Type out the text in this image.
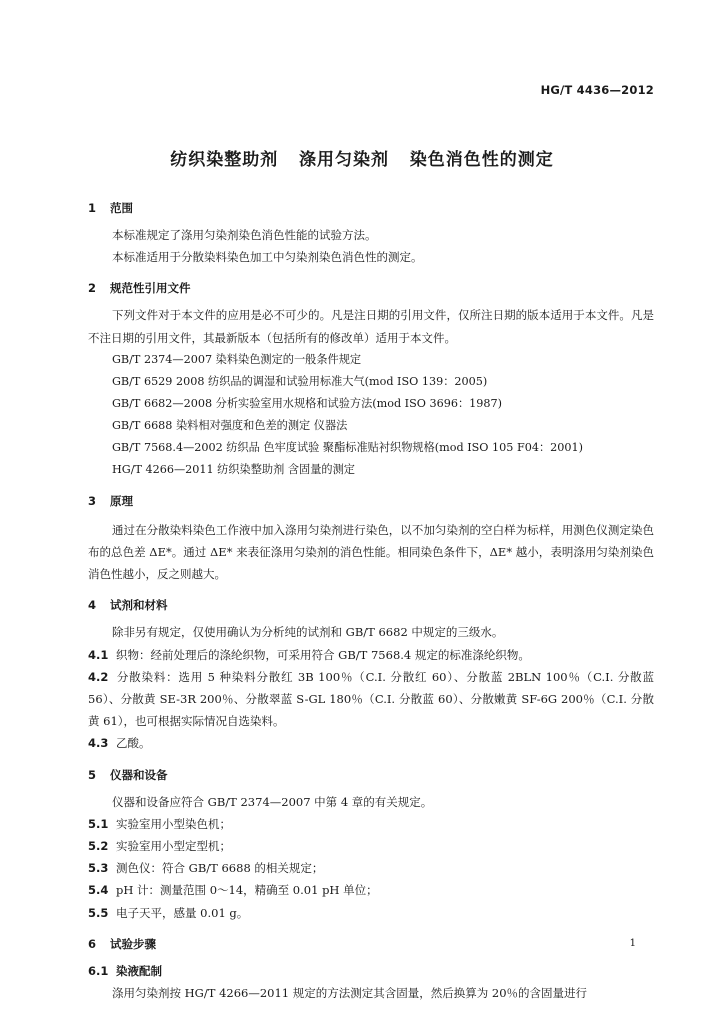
HG/T 4436—2012
纺织染整助剂   涤用匀染剂   染色消色性的测定
1 范围
本标准规定了涤用匀染剂染色消色性能的试验方法。
本标准适用于分散染料染色加工中匀染剂染色消色性的测定。
2 规范性引用文件
下列文件对于本文件的应用是必不可少的。凡是注日期的引用文件，仅所注日期的版本适用于本文件。凡是不注日期的引用文件，其最新版本（包括所有的修改单）适用于本文件。
GB/T 2374—2007 染料染色测定的一般条件规定
GB/T 6529 2008 纺织品的调湿和试验用标准大气(mod ISO 139：2005)
GB/T 6682—2008 分析实验室用水规格和试验方法(mod ISO 3696：1987)
GB/T 6688 染料相对强度和色差的测定 仪器法
GB/T 7568.4—2002 纺织品 色牢度试验 聚酯标准贴衬织物规格(mod ISO 105 F04：2001)
HG/T 4266—2011 纺织染整助剂 含固量的测定
3 原理
通过在分散染料染色工作液中加入涤用匀染剂进行染色，以不加匀染剂的空白样为标样，用测色仪测定染色布的总色差 ΔE*。通过 ΔE* 来表征涤用匀染剂的消色性能。相同染色条件下，ΔE* 越小，表明涤用匀染剂染色消色性越小，反之则越大。
4 试剂和材料
除非另有规定，仅使用确认为分析纯的试剂和 GB/T 6682 中规定的三级水。
4.1 织物：经前处理后的涤纶织物，可采用符合 GB/T 7568.4 规定的标准涤纶织物。
4.2 分散染料：选用 5 种染料分散红 3B 100％（C.I. 分散红 60）、分散蓝 2BLN 100％（C.I. 分散蓝 56）、分散黄 SE-3R 200％、分散翠蓝 S-GL 180％（C.I. 分散蓝 60）、分散嫩黄 SF-6G 200％（C.I. 分散黄 61），也可根据实际情况自选染料。
4.3 乙酸。
5 仪器和设备
仪器和设备应符合 GB/T 2374—2007 中第 4 章的有关规定。
5.1 实验室用小型染色机；
5.2 实验室用小型定型机；
5.3 测色仪：符合 GB/T 6688 的相关规定；
5.4 pH 计：测量范围 0～14，精确至 0.01 pH 单位；
5.5 电子天平，感量 0.01 g。
6 试验步骤
6.1 染液配制
涤用匀染剂按 HG/T 4266—2011 规定的方法测定其含固量，然后换算为 20％的含固量进行
1
